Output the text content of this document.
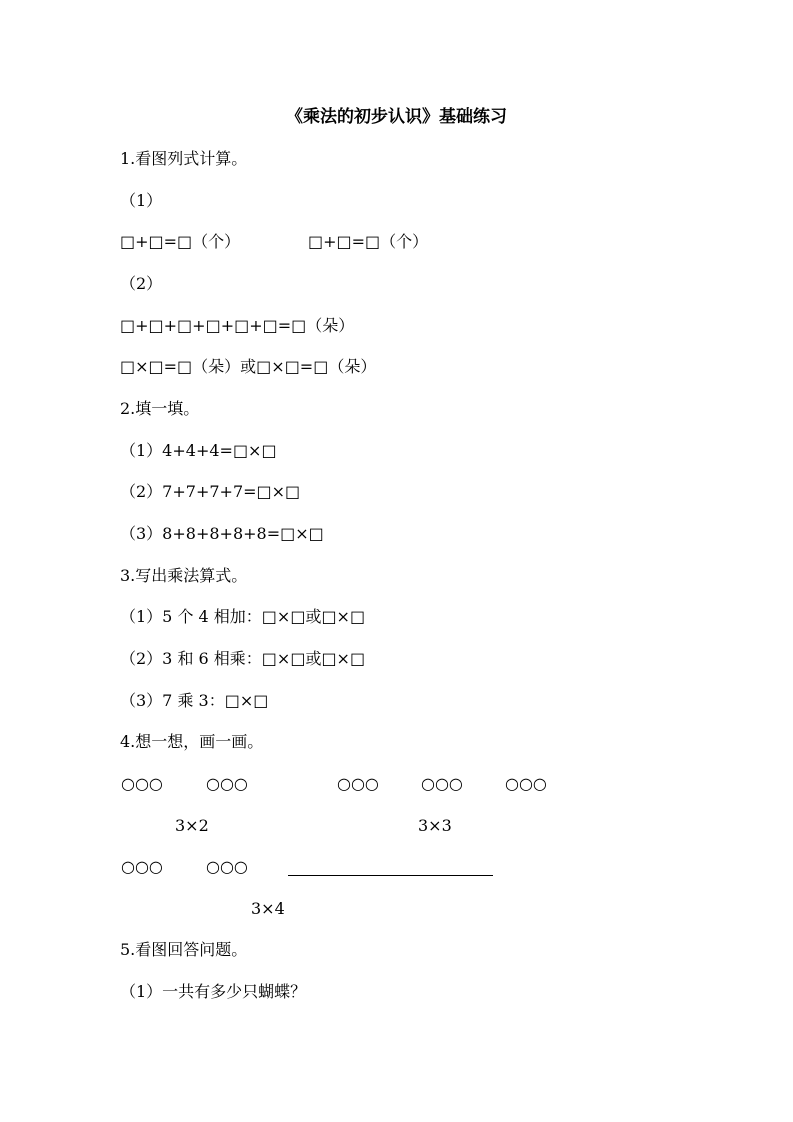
《乘法的初步认识》基础练习
1.看图列式计算。
（1）
□+□=□（个）	□+□=□（个）
（2）
□+□+□+□+□+□=□（朵）
□×□=□（朵）或□×□=□（朵）
2.填一填。
（1）4+4+4=□×□
（2）7+7+7+7=□×□
（3）8+8+8+8+8=□×□
3.写出乘法算式。
（1）5 个 4 相加：□×□或□×□
（2）3 和 6 相乘：□×□或□×□
（3）7 乘 3：□×□
4.想一想，画一画。
○○○	○○○	○○○	○○○	○○○
3×2	3×3
○○○	○○○
3×4
5.看图回答问题。
（1）一共有多少只蝴蝶？
